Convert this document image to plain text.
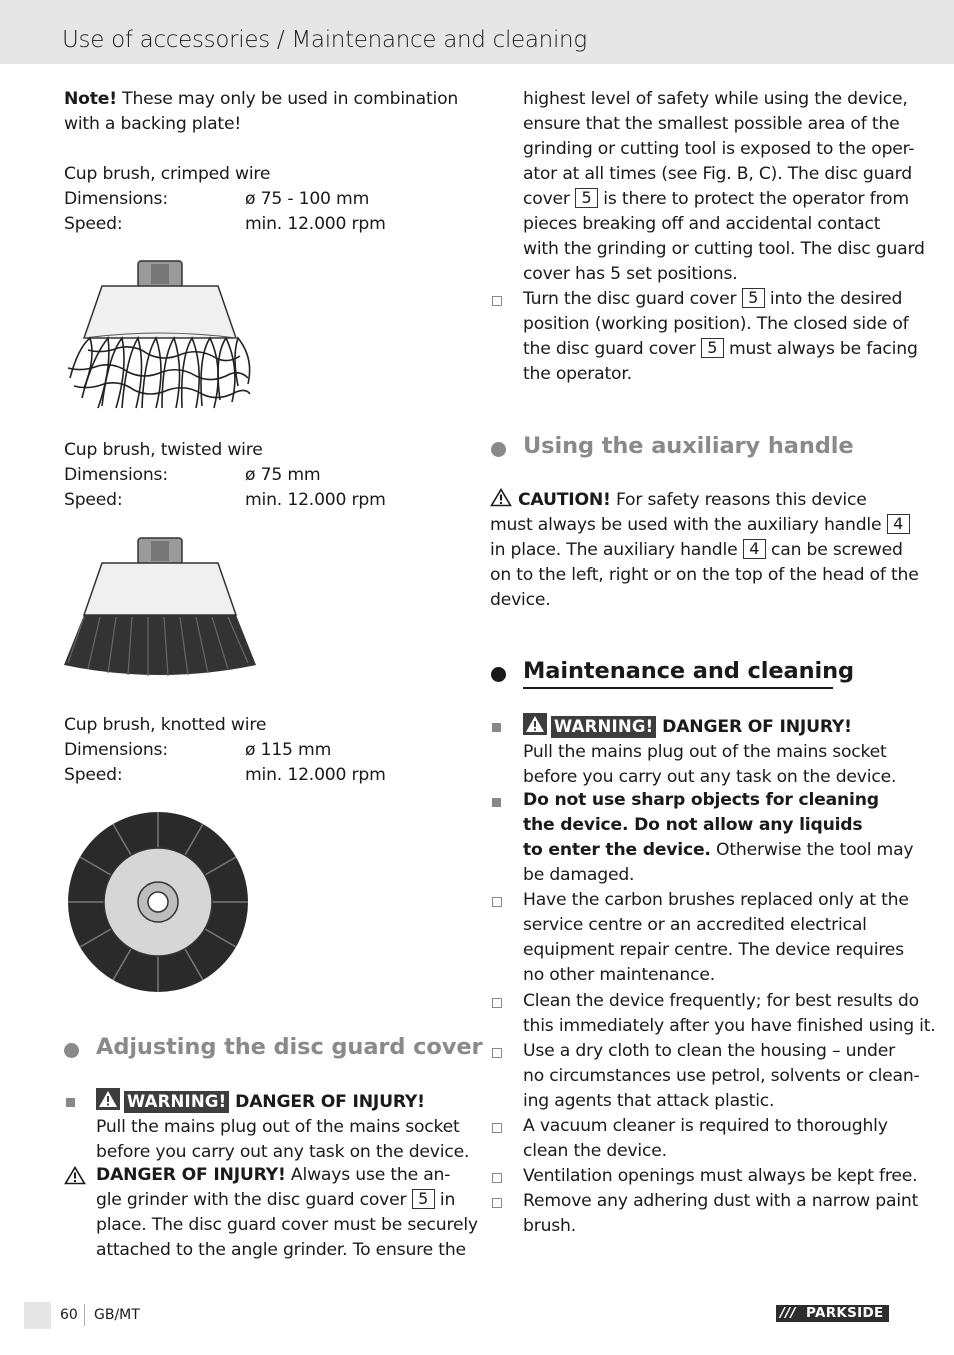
Use of accessories / Maintenance and cleaning
Note! These may only be used in combination
with a backing plate!
Cup brush, crimped wire
Dimensions:	ø 75 - 100 mm
Speed:	min. 12.000 rpm
Cup brush, twisted wire
Dimensions:	ø 75 mm
Speed:	min. 12.000 rpm
Cup brush, knotted wire
Dimensions:	ø 115 mm
Speed:	min. 12.000 rpm
Adjusting the disc guard cover
WARNING! DANGER OF INJURY!
Pull the mains plug out of the mains socket
before you carry out any task on the device.
DANGER OF INJURY! Always use the an-
gle grinder with the disc guard cover 5 in
place. The disc guard cover must be securely
attached to the angle grinder. To ensure the
highest level of safety while using the device,
ensure that the smallest possible area of the
grinding or cutting tool is exposed to the oper-
ator at all times (see Fig. B, C). The disc guard
cover 5 is there to protect the operator from
pieces breaking off and accidental contact
with the grinding or cutting tool. The disc guard
cover has 5 set positions.
Turn the disc guard cover 5 into the desired
position (working position). The closed side of
the disc guard cover 5 must always be facing
the operator.
Using the auxiliary handle
CAUTION! For safety reasons this device
must always be used with the auxiliary handle 4
in place. The auxiliary handle 4 can be screwed
on to the left, right or on the top of the head of the
device.
Maintenance and cleaning
WARNING! DANGER OF INJURY!
Pull the mains plug out of the mains socket
before you carry out any task on the device.
Do not use sharp objects for cleaning
the device. Do not allow any liquids
to enter the device. Otherwise the tool may
be damaged.
Have the carbon brushes replaced only at the
service centre or an accredited electrical
equipment repair centre. The device requires
no other maintenance.
Clean the device frequently; for best results do
this immediately after you have finished using it.
Use a dry cloth to clean the housing – under
no circumstances use petrol, solvents or clean-
ing agents that attack plastic.
A vacuum cleaner is required to thoroughly
clean the device.
Ventilation openings must always be kept free.
Remove any adhering dust with a narrow paint
brush.
60 GB/MT	/// PARKSIDE
